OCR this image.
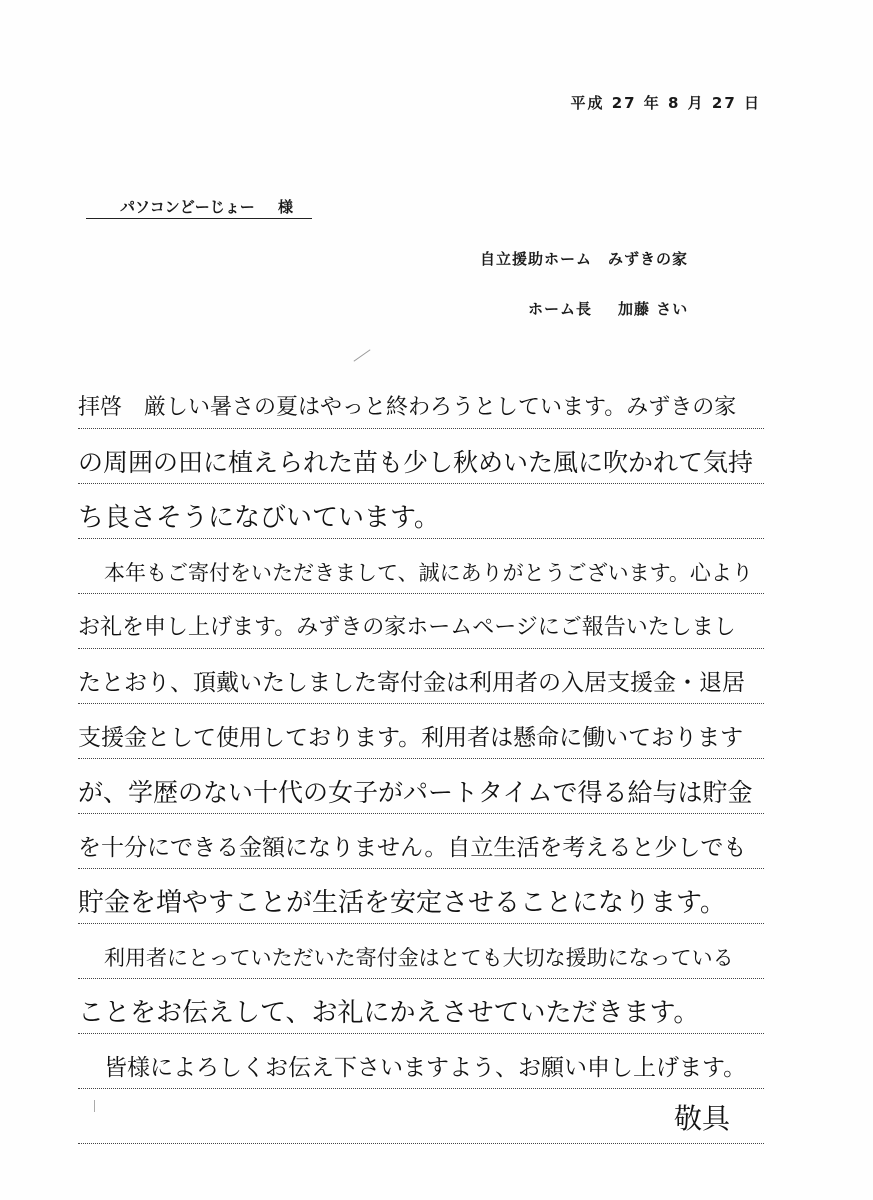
平成 27 年 8 月 27 日
パソコンどーじょー 様
自立援助ホーム　みずきの家
ホーム長 加藤 さい
拝啓　厳しい暑さの夏はやっと終わろうとしています。みずきの家
の周囲の田に植えられた苗も少し秋めいた風に吹かれて気持
ち良さそうになびいています。
本年もご寄付をいただきまして、誠にありがとうございます。心より
お礼を申し上げます。みずきの家ホームページにご報告いたしまし
たとおり、頂戴いたしました寄付金は利用者の入居支援金・退居
支援金として使用しております。利用者は懸命に働いております
が、学歴のない十代の女子がパートタイムで得る給与は貯金
を十分にできる金額になりません。自立生活を考えると少しでも
貯金を増やすことが生活を安定させることになります。
利用者にとっていただいた寄付金はとても大切な援助になっている
ことをお伝えして、お礼にかえさせていただきます。
皆様によろしくお伝え下さいますよう、お願い申し上げます。
敬具
